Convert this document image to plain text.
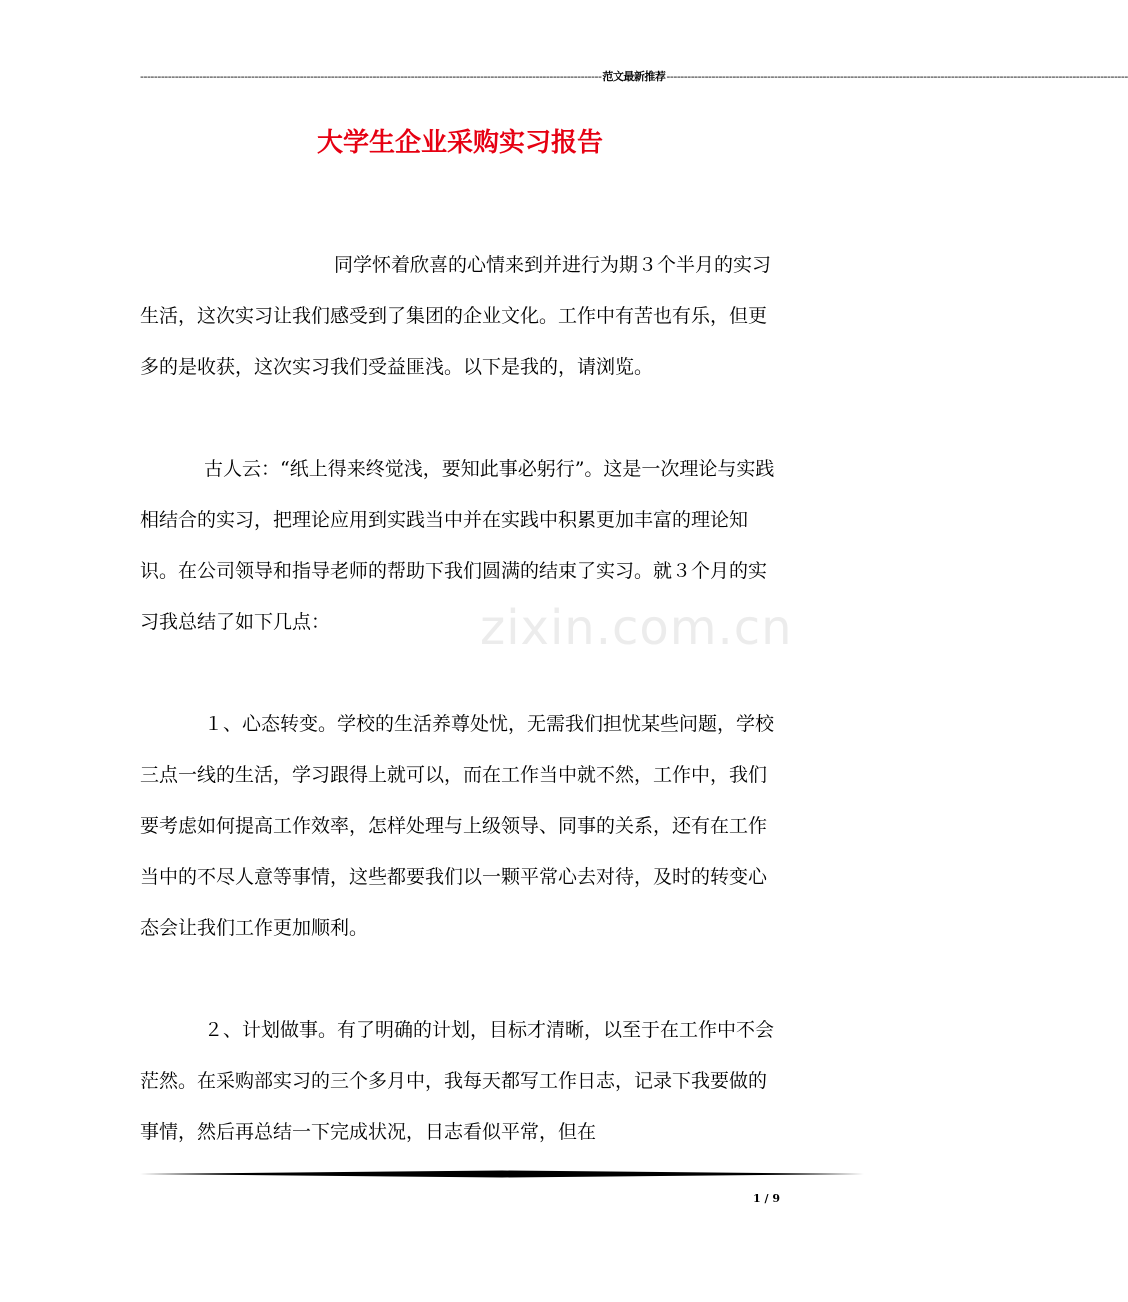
------------------------------------------------------------------------------------------------------------------------------------- 范文最新推荐 -------------------------------------------------------------------------------------------------------------------------------------
大学生企业采购实习报告
zixin.com.cn

同学怀着欣喜的心情来到并进行为期３个半月的实习生活，这次实习让我们感受到了集团的企业文化。工作中有苦也有乐，但更多的是收获，这次实习我们受益匪浅。以下是我的，请浏览。

古人云：“纸上得来终觉浅，要知此事必躬行”。这是一次理论与实践相结合的实习，把理论应用到实践当中并在实践中积累更加丰富的理论知识。在公司领导和指导老师的帮助下我们圆满的结束了实习。就３个月的实习我总结了如下几点：

１、心态转变。学校的生活养尊处忧，无需我们担忧某些问题，学校三点一线的生活，学习跟得上就可以，而在工作当中就不然，工作中，我们要考虑如何提高工作效率，怎样处理与上级领导、同事的关系，还有在工作当中的不尽人意等事情，这些都要我们以一颗平常心去对待，及时的转变心态会让我们工作更加顺利。

２、计划做事。有了明确的计划，目标才清晰，以至于在工作中不会茫然。在采购部实习的三个多月中，我每天都写工作日志，记录下我要做的事情，然后再总结一下完成状况，日志看似平常，但在

1 / 9
